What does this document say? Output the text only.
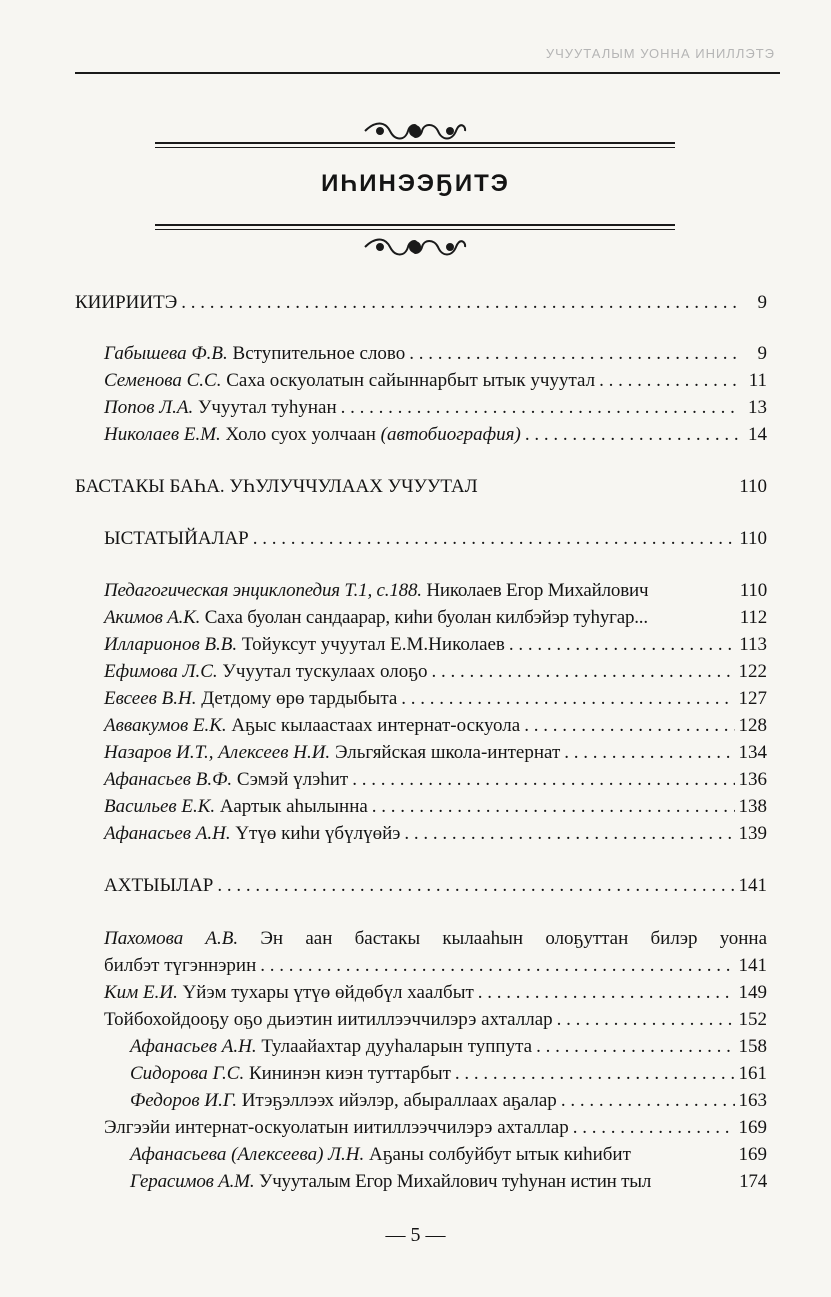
УЧУУТАЛЫМ УОННА ИНИЛЛЭТЭ
ИҺИНЭЭҔИТЭ
КИИРИИТЭ . . .	9
Габышева Ф.В. Вступительное слово . . .	9
Семенова С.С. Саха оскуолатын сайыннарбыт ытык учуутал . . .	11
Попов Л.А. Учуутал туһунан . . .	13
Николаев Е.М. Холо суох уолчаан (автобиография) . . .	14
БАСТАКЫ БАҺА. УҺУЛУЧЧУЛААХ УЧУУТАЛ	110
ЫСТАТЫЙАЛАР . . .	110
Педагогическая энциклопедия Т.1, с.188. Николаев Егор Михайлович	110
Акимов А.К. Саха буолан сандаарар, киһи буолан килбэйэр туһугар...	112
Илларионов В.В. Тойуксут учуутал Е.М.Николаев . . .	113
Ефимова Л.С. Учуутал тускулаах олоҕо . . .	122
Евсеев В.Н. Детдому өрө тардыбыта . . .	127
Аввакумов Е.К. Аҕыс кылаастаах интернат-оскуола . . .	128
Назаров И.Т., Алексеев Н.И. Эльгяйская школа-интернат . . .	134
Афанасьев В.Ф. Сэмэй үлэһит . . .	136
Васильев Е.К. Аартык аһылынна . . .	138
Афанасьев А.Н. Үтүө киһи үбүлүөйэ . . .	139
АХТЫЫЛАР . . .	141
Пахомова А.В. Эн аан бастакы кылааһын олоҕуттан билэр уонна
билбэт түгэннэрин . . .	141
Ким Е.И. Үйэм тухары үтүө өйдөбүл хаалбыт . . .	149
Тойбохойдооҕу оҕо дьиэтин иитиллээччилэрэ ахталлар . . .	152
Афанасьев А.Н. Тулаайахтар дууһаларын туппута . . .	158
Сидорова Г.С. Кининэн киэн туттарбыт . . .	161
Федоров И.Г. Итэҕэллээх ийэлэр, абыраллаах аҕалар . . .	163
Элгээйи интернат-оскуолатын иитиллээччилэрэ ахталлар . . .	169
Афанасьева (Алексеева) Л.Н. Аҕаны солбуйбут ытык киһибит	169
Герасимов А.М. Учууталым Егор Михайлович туһунан истин тыл	174
— 5 —
